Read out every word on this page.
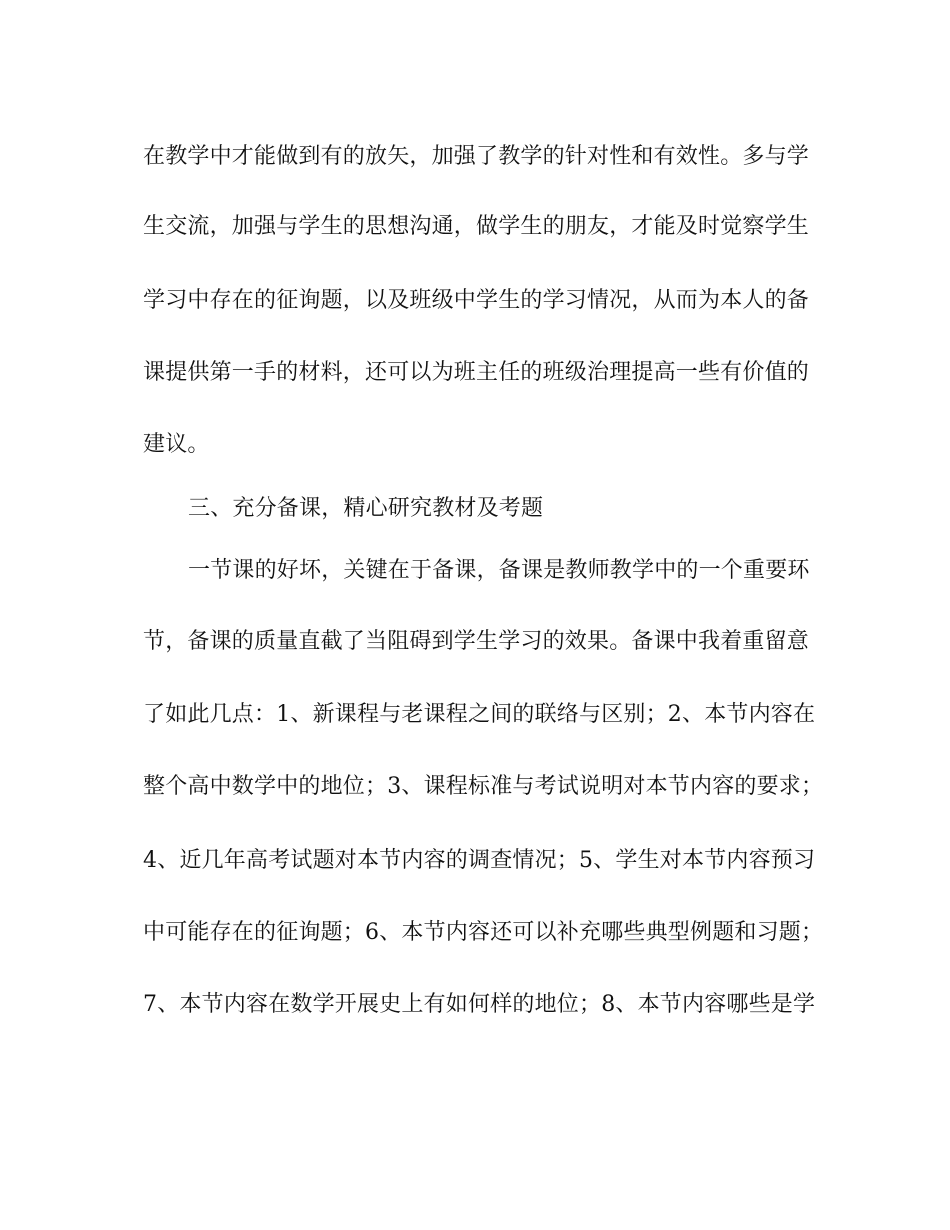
在教学中才能做到有的放矢，加强了教学的针对性和有效性。多与学
生交流，加强与学生的思想沟通，做学生的朋友，才能及时觉察学生
学习中存在的征询题，以及班级中学生的学习情况，从而为本人的备
课提供第一手的材料，还可以为班主任的班级治理提高一些有价值的
建议。
三、充分备课，精心研究教材及考题
一节课的好坏，关键在于备课，备课是教师教学中的一个重要环
节，备课的质量直截了当阻碍到学生学习的效果。备课中我着重留意
了如此几点：1、新课程与老课程之间的联络与区别；2、本节内容在
整个高中数学中的地位；3、课程标准与考试说明对本节内容的要求；
4、近几年高考试题对本节内容的调查情况；5、学生对本节内容预习
中可能存在的征询题；6、本节内容还可以补充哪些典型例题和习题；
7、本节内容在数学开展史上有如何样的地位；8、本节内容哪些是学
